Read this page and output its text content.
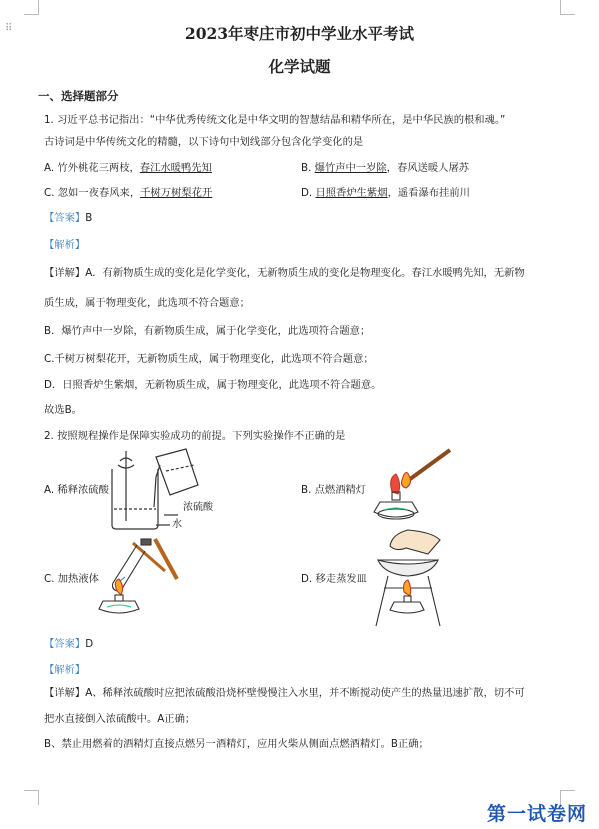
⠿	2023年枣庄市初中学业水平考试
化学试题
一、选择题部分
1. 习近平总书记指出：“中华优秀传统文化是中华文明的智慧结晶和精华所在，是中华民族的根和魂。”
古诗词是中华传统文化的精髓，以下诗句中划线部分包含化学变化的是
A. 竹外桃花三两枝，春江水暖鸭先知	B. 爆竹声中一岁除，春风送暖人屠苏
C. 忽如一夜春风来，千树万树梨花开	D. 日照香炉生紫烟，遥看瀑布挂前川
【答案】B
【解析】
【详解】A．有新物质生成的变化是化学变化，无新物质生成的变化是物理变化。春江水暖鸭先知，无新物
质生成，属于物理变化，此选项不符合题意；
B．爆竹声中一岁除，有新物质生成，属于化学变化，此选项符合题意；
C.千树万树梨花开，无新物质生成，属于物理变化，此选项不符合题意；
D．日照香炉生紫烟，无新物质生成，属于物理变化，此选项不符合题意。
故选B。
2. 按照规程操作是保障实验成功的前提。下列实验操作不正确的是
A. 稀释浓硫酸
浓硫酸
水
B. 点燃酒精灯
C. 加热液体	D. 移走蒸发皿
【答案】D
【解析】
【详解】A、稀释浓硫酸时应把浓硫酸沿烧杯壁慢慢注入水里，并不断搅动使产生的热量迅速扩散，切不可
把水直接倒入浓硫酸中。A正确；
B、禁止用燃着的酒精灯直接点燃另一酒精灯，应用火柴从侧面点燃酒精灯。B正确；
第一试卷网
